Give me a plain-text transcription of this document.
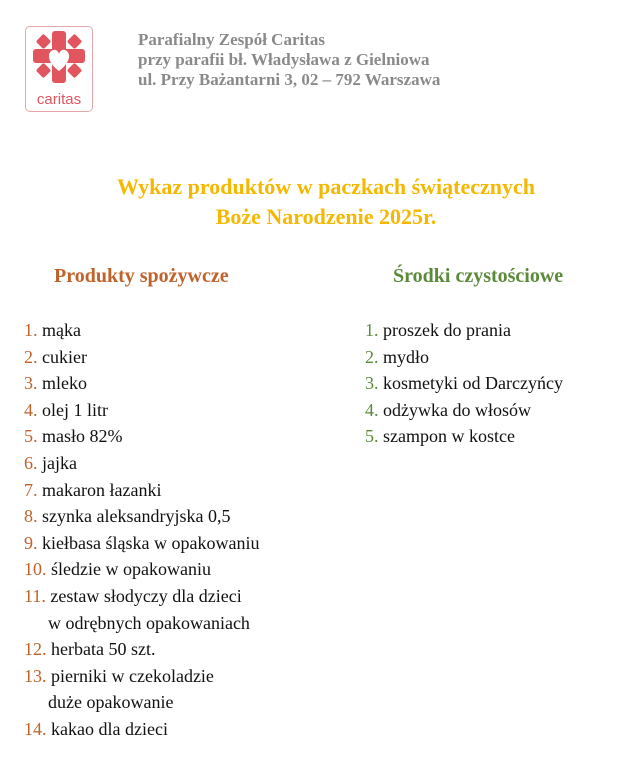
caritas
Parafialny Zespół Caritas
przy parafii bł. Władysława z Gielniowa
ul. Przy Bażantarni 3, 02 – 792 Warszawa
Wykaz produktów w paczkach świątecznych
Boże Narodzenie 2025r.
Produkty spożywcze	Środki czystościowe
1. mąka
2. cukier
3. mleko
4. olej 1 litr
5. masło 82%
6. jajka
7. makaron łazanki
8. szynka aleksandryjska 0,5
9. kiełbasa śląska w opakowaniu
10. śledzie w opakowaniu
11. zestaw słodyczy dla dzieci
w odrębnych opakowaniach
12. herbata 50 szt.
13. pierniki w czekoladzie
duże opakowanie
14. kakao dla dzieci
1. proszek do prania
2. mydło
3. kosmetyki od Darczyńcy
4. odżywka do włosów
5. szampon w kostce
